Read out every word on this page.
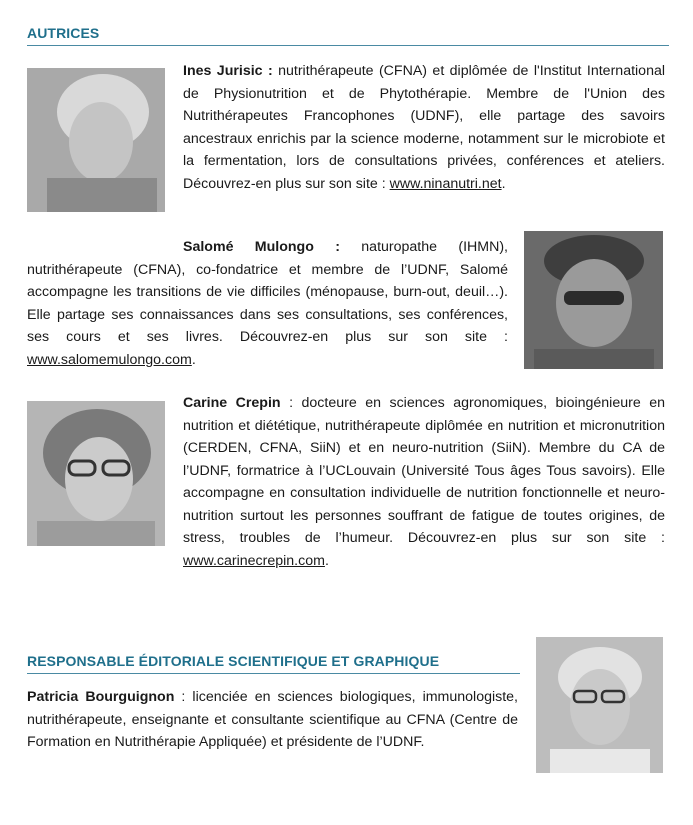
AUTRICES
Ines Jurisic : nutrithérapeute (CFNA) et diplômée de l'Institut International de Physionutrition et de Phytothérapie. Membre de l'Union des Nutrithérapeutes Francophones (UDNF), elle partage des savoirs ancestraux enrichis par la science moderne, notamment sur le microbiote et la fermentation, lors de consultations privées, conférences et ateliers. Découvrez-en plus sur son site : www.ninanutri.net.
Salomé Mulongo : naturopathe (IHMN), nutrithérapeute (CFNA), co-fondatrice et membre de l’UDNF, Salomé accompagne les transitions de vie difficiles (ménopause, burn-out, deuil…). Elle partage ses connaissances dans ses consultations, ses conférences, ses cours et ses livres. Découvrez-en plus sur son site : www.salomemulongo.com.
Carine Crepin : docteure en sciences agronomiques, bioingénieure en nutrition et diététique, nutrithérapeute diplômée en nutrition et micronutrition (CERDEN, CFNA, SiiN) et en neuro-nutrition (SiiN). Membre du CA de l’UDNF, formatrice à l’UCLouvain (Université Tous âges Tous savoirs). Elle accompagne en consultation individuelle de nutrition fonctionnelle et neuro-nutrition surtout les personnes souffrant de fatigue de toutes origines, de stress, troubles de l’humeur. Découvrez-en plus sur son site : www.carinecrepin.com.
RESPONSABLE ÉDITORIALE SCIENTIFIQUE ET GRAPHIQUE
Patricia Bourguignon : licenciée en sciences biologiques, immunologiste, nutrithérapeute, enseignante et consultante scientifique au CFNA (Centre de Formation en Nutrithérapie Appliquée) et présidente de l’UDNF.
